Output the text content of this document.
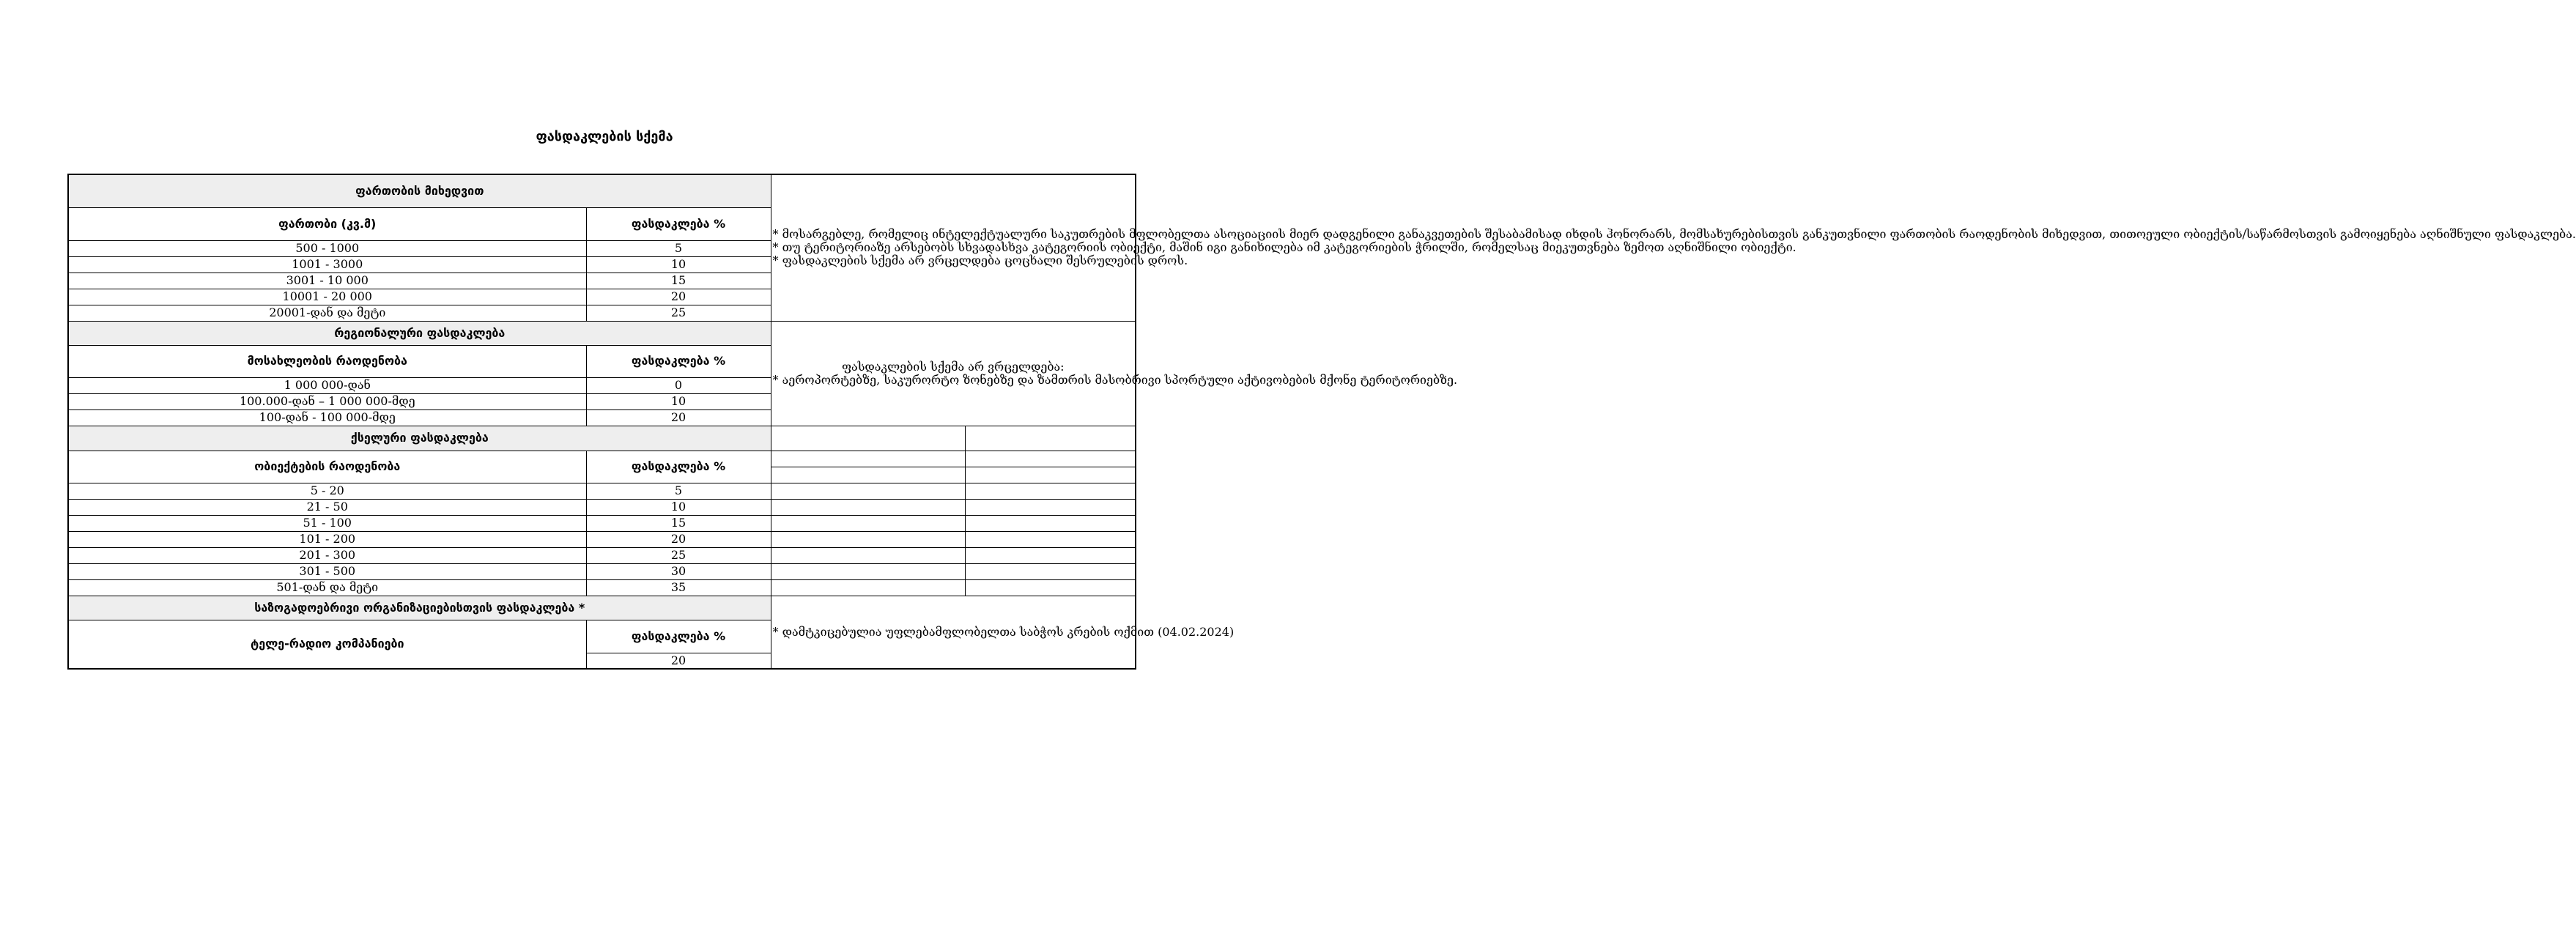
ფასდაკლების სქემა
ფართობის მიხედვით		* მოსარგებლე, რომელიც ინტელექტუალური საკუთრების მფლობელთა ასოციაციის მიერ დადგენილი განაკვეთების შესაბამისად იხდის ჰონორარს, მომსახურებისთვის განკუთვნილი ფართობის რაოდენობის მიხედვით, თითოეული ობიექტის/საწარმოსთვის გამოიყენება აღნიშნული ფასდაკლება.

* თუ ტერიტორიაზე არსებობს სხვადასხვა კატეგორიის ობიექტი, მაშინ იგი განიხილება იმ კატეგორიების ჭრილში, რომელსაც მიეკუთვნება ზემოთ აღნიშნილი ობიექტი.

* ფასდაკლების სქემა არ ვრცელდება ცოცხალი შესრულების დროს.	

ფართობი (კვ.მ)	ფასდაკლება %		
500 - 1000	5		
1001 - 3000	10		
3001 - 10 000	15		
10001 - 20 000	20		
20001-დან და მეტი	25		
რეგიონალური ფასდაკლება		ფასდაკლების სქემა არ ვრცელდება:

* აეროპორტებზე, საკურორტო ზონებზე და ზამთრის მასობრივი სპორტული აქტივობების მქონე ტერიტორიებზე.	

მოსახლეობის რაოდენობა	ფასდაკლება %		
1 000 000-დან	0		
100.000-დან – 1 000 000-მდე	10		
100-დან - 100 000-მდე	20		
ქსელური ფასდაკლება			
ობიექტების რაოდენობა	ფასდაკლება %		

5 - 20	5		
21 - 50	10		
51 - 100	15		
101 - 200	20		
201 - 300	25		
301 - 500	30		
501-დან და მეტი	35		
საზოგადოებრივი ორგანიზაციებისთვის ფასდაკლება *		* დამტკიცებულია უფლებამფლობელთა საბჭოს კრების ოქმით (04.02.2024)	

ტელე-რადიო კომპანიები	ფასდაკლება %		
	20		
